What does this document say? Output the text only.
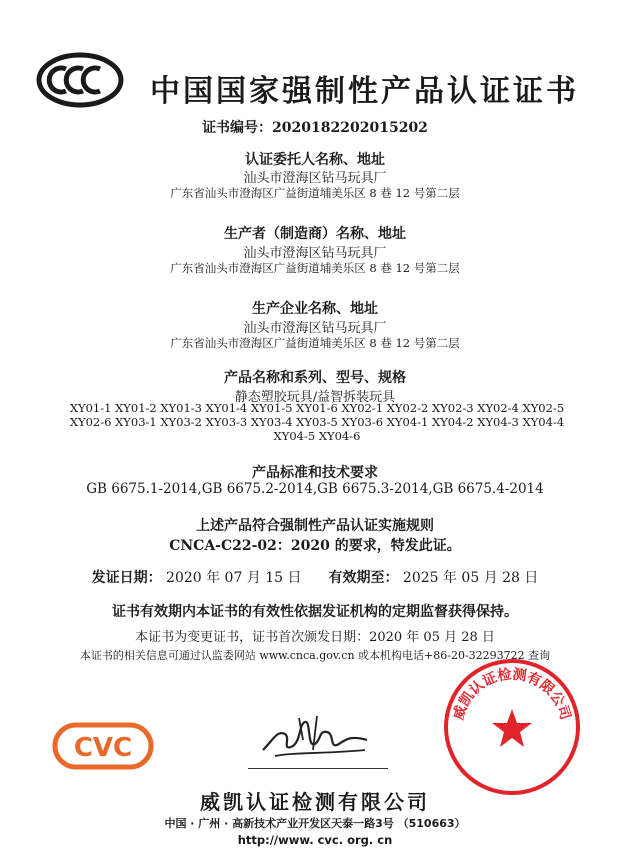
中国国家强制性产品认证证书
证书编号：2020182202015202
认证委托人名称、地址
汕头市澄海区钻马玩具厂
广东省汕头市澄海区广益街道埔美乐区 8 巷 12 号第二层
生产者（制造商）名称、地址
汕头市澄海区钻马玩具厂
广东省汕头市澄海区广益街道埔美乐区 8 巷 12 号第二层
生产企业名称、地址
汕头市澄海区钻马玩具厂
广东省汕头市澄海区广益街道埔美乐区 8 巷 12 号第二层
产品名称和系列、型号、规格
静态塑胶玩具/益智拆装玩具
XY01-1 XY01-2 XY01-3 XY01-4 XY01-5 XY01-6 XY02-1 XY02-2 XY02-3 XY02-4 XY02-5
XY02-6 XY03-1 XY03-2 XY03-3 XY03-4 XY03-5 XY03-6 XY04-1 XY04-2 XY04-3 XY04-4
XY04-5 XY04-6
产品标准和技术要求
GB 6675.1-2014,GB 6675.2-2014,GB 6675.3-2014,GB 6675.4-2014
上述产品符合强制性产品认证实施规则
CNCA-C22-02：2020 的要求，特发此证。
发证日期： 2020 年 07 月 15 日 有效期至： 2025 年 05 月 28 日
证书有效期内本证书的有效性依据发证机构的定期监督获得保持。
本证书为变更证书，证书首次颁发日期：2020 年 05 月 28 日
本证书的相关信息可通过认监委网站 www.cnca.gov.cn 或本机构电话+86-20-32293722 查询
CVC
威凯认证检测有限公司
威凯认证检测有限公司
中国 · 广州 · 高新技术产业开发区天泰一路3号 （510663）
http://www. cvc. org. cn
